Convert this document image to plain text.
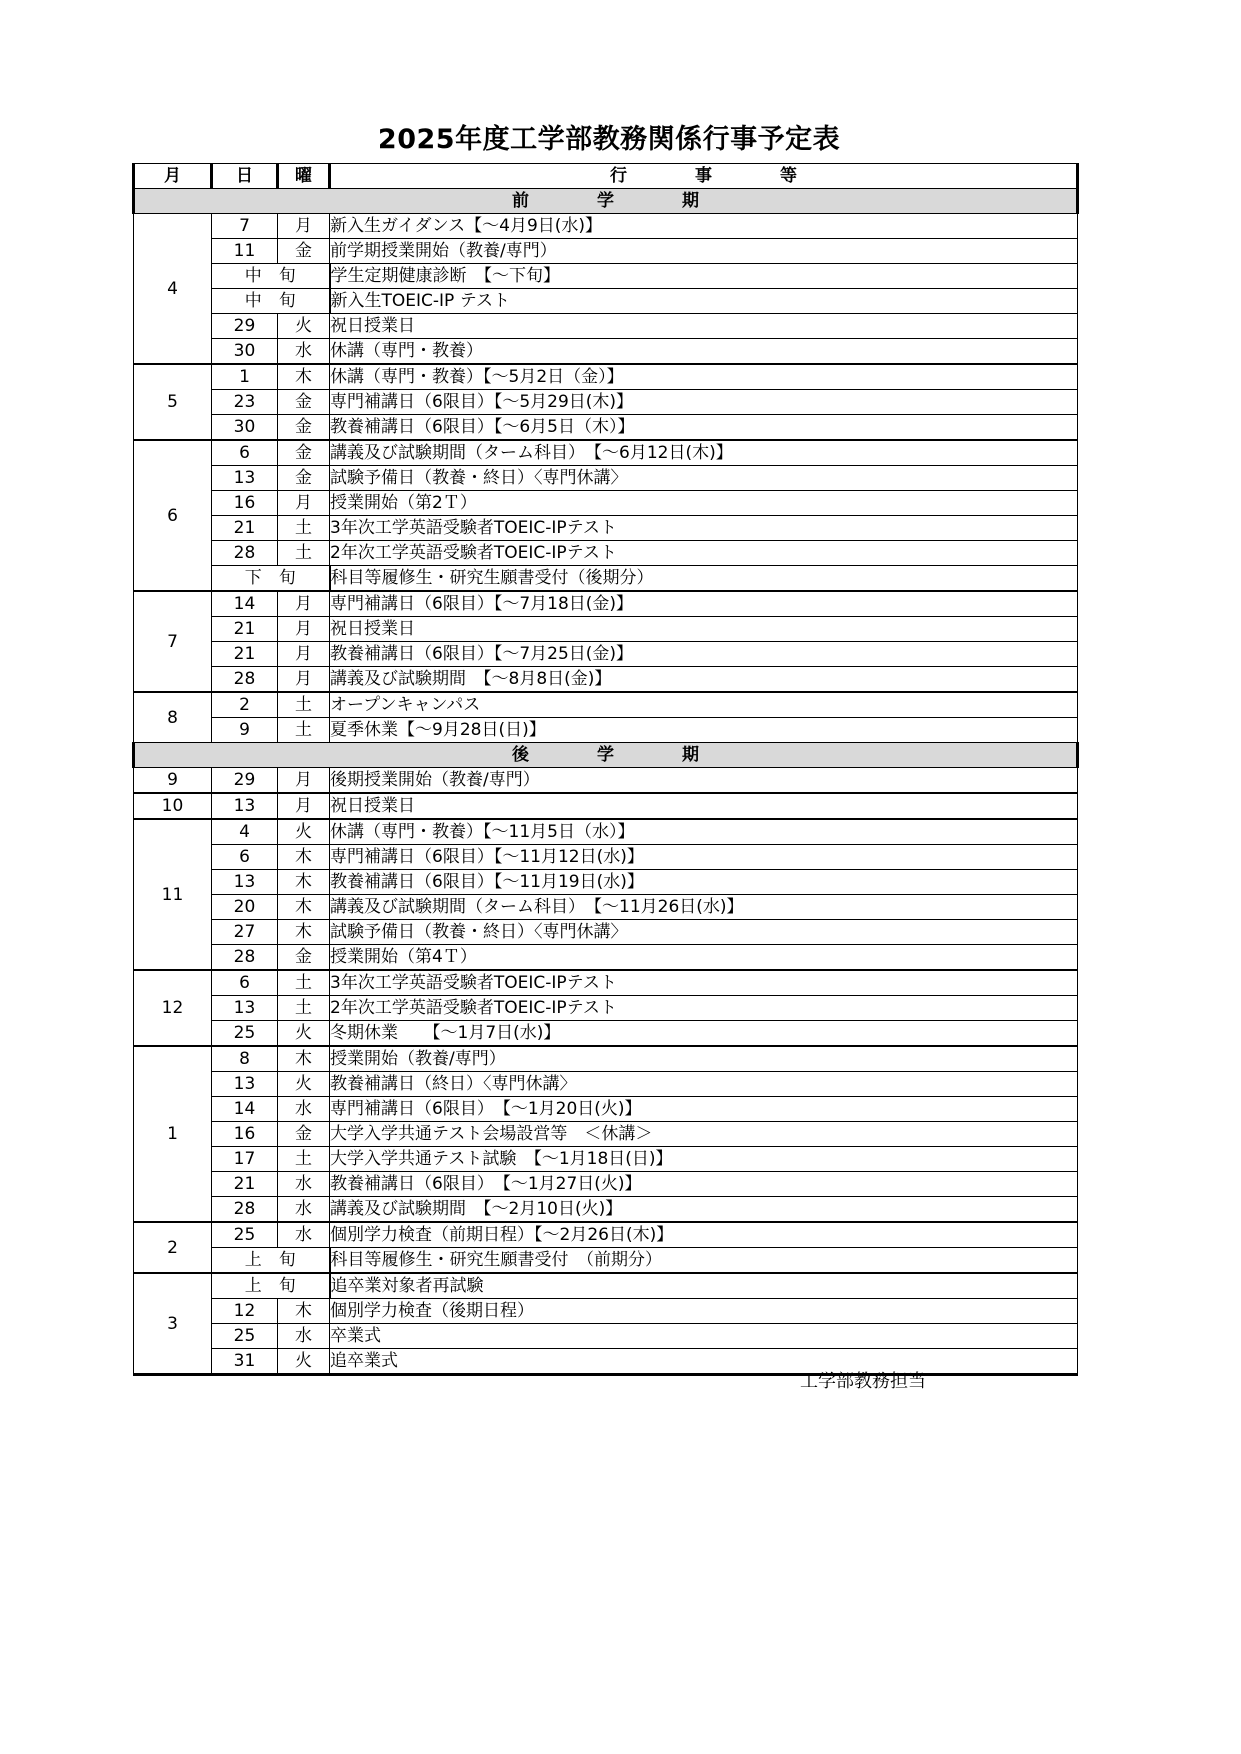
2025年度工学部教務関係行事予定表
月	日	曜	行　　　　事　　　　等
前　　　　学　　　　期			
4	7	月	新入生ガイダンス【～4月9日(水)】
	11	金	前学期授業開始（教養/専門）
	中　旬		学生定期健康診断　【～下旬】
	中　旬		新入生TOEIC-IP テスト
	29	火	祝日授業日
	30	水	休講（専門・教養）
5	1	木	休講（専門・教養）【～5月2日（金）】
	23	金	専門補講日（6限目）【～5月29日(木)】
	30	金	教養補講日（6限目）【～6月5日（木）】
6	6	金	講義及び試験期間（ターム科目）　【～6月12日(木)】
	13	金	試験予備日（教養・終日）〈専門休講〉
	16	月	授業開始（第2Ｔ）
	21	土	3年次工学英語受験者TOEIC-IPテスト
	28	土	2年次工学英語受験者TOEIC-IPテスト
	下　旬		科目等履修生・研究生願書受付（後期分）
7	14	月	専門補講日（6限目）【～7月18日(金)】
	21	月	祝日授業日
	21	月	教養補講日（6限目）【～7月25日(金)】
	28	月	講義及び試験期間　【～8月8日(金)】
8	2	土	オープンキャンパス
	9	土	夏季休業【～9月28日(日)】
後　　　　学　　　　期			
9	29	月	後期授業開始（教養/専門）
10	13	月	祝日授業日
11	4	火	休講（専門・教養）【～11月5日（水）】
	6	木	専門補講日（6限目）【～11月12日(水)】
	13	木	教養補講日（6限目）【～11月19日(水)】
	20	木	講義及び試験期間（ターム科目）　【～11月26日(水)】
	27	木	試験予備日（教養・終日）〈専門休講〉
	28	金	授業開始（第4Ｔ）
12	6	土	3年次工学英語受験者TOEIC-IPテスト
	13	土	2年次工学英語受験者TOEIC-IPテスト
	25	火	冬期休業　　【～1月7日(水)】
1	8	木	授業開始（教養/専門）
	13	火	教養補講日（終日）〈専門休講〉
	14	水	専門補講日（6限目）　【～1月20日(火)】
	16	金	大学入学共通テスト会場設営等　＜休講＞
	17	土	大学入学共通テスト試験　【～1月18日(日)】
	21	水	教養補講日（6限目）　【～1月27日(火)】
	28	水	講義及び試験期間　【～2月10日(火)】
2	25	水	個別学力検査（前期日程）【～2月26日(木)】
	上　旬		科目等履修生・研究生願書受付　（前期分）
3	上　旬		追卒業対象者再試験
	12	木	個別学力検査（後期日程）
	25	水	卒業式
	31	火	追卒業式
工学部教務担当
